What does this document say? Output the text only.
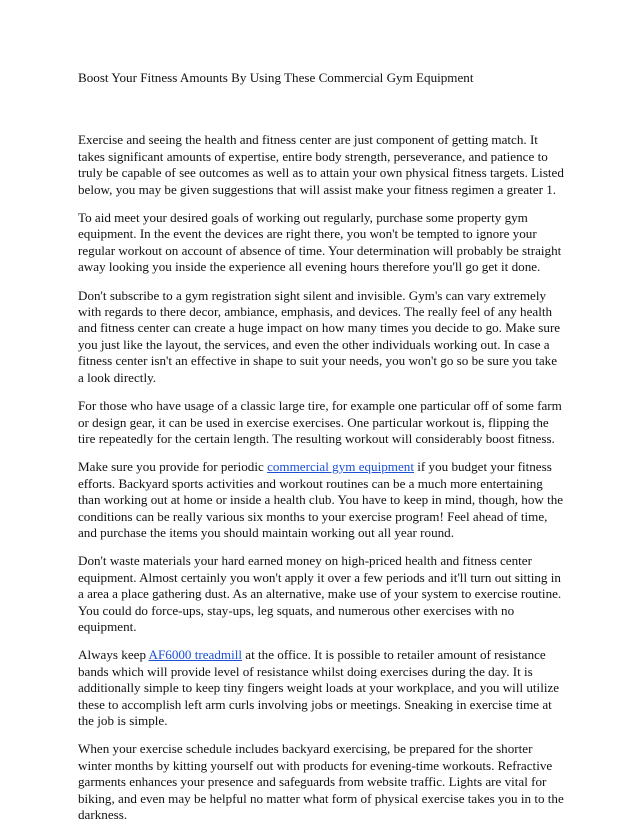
Boost Your Fitness Amounts By Using These Commercial Gym Equipment

Exercise and seeing the health and fitness center are just component of getting match. It takes significant amounts of expertise, entire body strength, perseverance, and patience to truly be capable of see outcomes as well as to attain your own physical fitness targets. Listed below, you may be given suggestions that will assist make your fitness regimen a greater 1.

To aid meet your desired goals of working out regularly, purchase some property gym equipment. In the event the devices are right there, you won't be tempted to ignore your regular workout on account of absence of time. Your determination will probably be straight away looking you inside the experience all evening hours therefore you'll go get it done.

Don't subscribe to a gym registration sight silent and invisible. Gym's can vary extremely with regards to there decor, ambiance, emphasis, and devices. The really feel of any health and fitness center can create a huge impact on how many times you decide to go. Make sure you just like the layout, the services, and even the other individuals working out. In case a fitness center isn't an effective in shape to suit your needs, you won't go so be sure you take a look directly.

For those who have usage of a classic large tire, for example one particular off of some farm or design gear, it can be used in exercise exercises. One particular workout is, flipping the tire repeatedly for the certain length. The resulting workout will considerably boost fitness.

Make sure you provide for periodic commercial gym equipment if you budget your fitness efforts. Backyard sports activities and workout routines can be a much more entertaining than working out at home or inside a health club. You have to keep in mind, though, how the conditions can be really various six months to your exercise program! Feel ahead of time, and purchase the items you should maintain working out all year round.

Don't waste materials your hard earned money on high-priced health and fitness center equipment. Almost certainly you won't apply it over a few periods and it'll turn out sitting in a area a place gathering dust. As an alternative, make use of your system to exercise routine. You could do force-ups, stay-ups, leg squats, and numerous other exercises with no equipment.

Always keep AF6000 treadmill at the office. It is possible to retailer amount of resistance bands which will provide level of resistance whilst doing exercises during the day. It is additionally simple to keep tiny fingers weight loads at your workplace, and you will utilize these to accomplish left arm curls involving jobs or meetings. Sneaking in exercise time at the job is simple.

When your exercise schedule includes backyard exercising, be prepared for the shorter winter months by kitting yourself out with products for evening-time workouts. Refractive garments enhances your presence and safeguards from website traffic. Lights are vital for biking, and even may be helpful no matter what form of physical exercise takes you in to the darkness.
